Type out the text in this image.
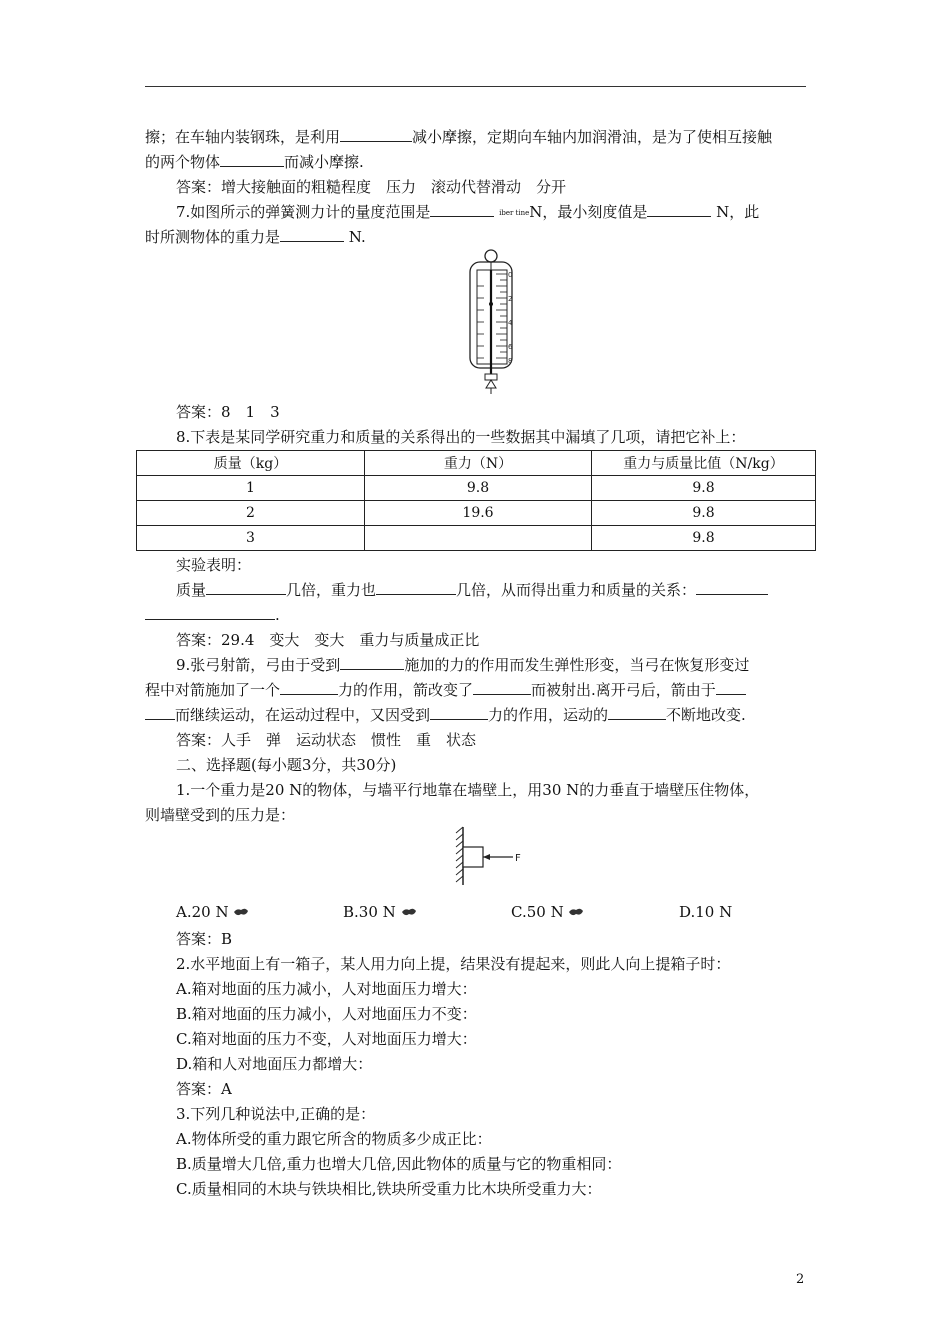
擦；在车轴内装钢珠，是利用	减小摩擦，定期向车轴内加润滑油，是为了使相互接触
的两个物体	而减小摩擦.
答案：增大接触面的粗糙程度　压力　滚动代替滑动　分开
7.如图所示的弹簧测力计的量度范围是	iber tineN，最小刻度值是	N，此
时所测物体的重力是	N.
0
2
4
6
8
答案：8　1　3
8.下表是某同学研究重力和质量的关系得出的一些数据其中漏填了几项，请把它补上：
质量（kg）	重力（N）	重力与质量比值（N/kg）
1	9.8	9.8
2	19.6	9.8
3		9.8
实验表明：
质量	几倍，重力也	几倍，从而得出重力和质量的关系：
.
答案：29.4　变大　变大　重力与质量成正比
9.张弓射箭，弓由于受到	施加的力的作用而发生弹性形变，当弓在恢复形变过
程中对箭施加了一个	力的作用，箭改变了	而被射出.离开弓后，箭由于
而继续运动，在运动过程中，又因受到	力的作用，运动的	不断地改变.
答案：人手　弹　运动状态　惯性　重　状态
二、选择题(每小题3分，共30分)
1.一个重力是20 N的物体，与墙平行地靠在墙壁上，用30 N的力垂直于墙壁压住物体，
则墙壁受到的压力是：
F
A.20 N	B.30 N	C.50 N	D.10 N
答案：B
2.水平地面上有一箱子，某人用力向上提，结果没有提起来，则此人向上提箱子时：
A.箱对地面的压力减小，人对地面压力增大：
B.箱对地面的压力减小，人对地面压力不变：
C.箱对地面的压力不变，人对地面压力增大：
D.箱和人对地面压力都增大：
答案：A
3.下列几种说法中,正确的是：
A.物体所受的重力跟它所含的物质多少成正比：
B.质量增大几倍,重力也增大几倍,因此物体的质量与它的物重相同：
C.质量相同的木块与铁块相比,铁块所受重力比木块所受重力大：
2
